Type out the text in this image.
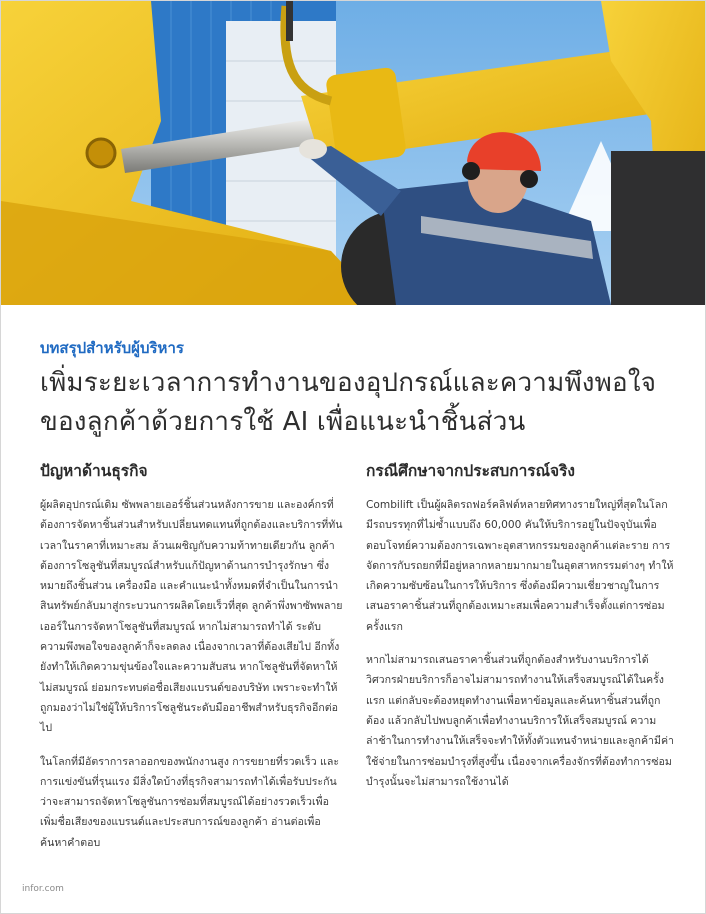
บทสรุปสำหรับผู้บริหาร
เพิ่มระยะเวลาการทำงานของอุปกรณ์และความพึงพอใจของลูกค้าด้วยการใช้ AI เพื่อแนะนำชิ้นส่วน
ปัญหาด้านธุรกิจ

ผู้ผลิตอุปกรณ์เดิม ซัพพลายเออร์ชิ้นส่วนหลังการขาย และองค์กรที่ต้องการจัดหาชิ้นส่วนสำหรับเปลี่ยนทดแทนที่ถูกต้องและบริการที่ทันเวลาในราคาที่เหมาะสม ล้วนเผชิญกับความท้าทายเดียวกัน ลูกค้าต้องการโซลูชันที่สมบูรณ์สำหรับแก้ปัญหาด้านการบำรุงรักษา ซึ่งหมายถึงชิ้นส่วน เครื่องมือ และคำแนะนำทั้งหมดที่จำเป็นในการนำสินทรัพย์กลับมาสู่กระบวนการผลิตโดยเร็วที่สุด ลูกค้าพึ่งพาซัพพลายเออร์ในการจัดหาโซลูชันที่สมบูรณ์ หากไม่สามารถทำได้ ระดับความพึงพอใจของลูกค้าก็จะลดลง เนื่องจากเวลาที่ต้องเสียไป อีกทั้งยังทำให้เกิดความขุ่นข้องใจและความสับสน หากโซลูชันที่จัดหาให้ไม่สมบูรณ์ ย่อมกระทบต่อชื่อเสียงแบรนด์ของบริษัท เพราะจะทำให้ถูกมองว่าไม่ใช่ผู้ให้บริการโซลูชันระดับมืออาชีพสำหรับธุรกิจอีกต่อไป

ในโลกที่มีอัตราการลาออกของพนักงานสูง การขยายที่รวดเร็ว และการแข่งขันที่รุนแรง มีสิ่งใดบ้างที่ธุรกิจสามารถทำได้เพื่อรับประกันว่าจะสามารถจัดหาโซลูชันการซ่อมที่สมบูรณ์ได้อย่างรวดเร็วเพื่อเพิ่มชื่อเสียงของแบรนด์และประสบการณ์ของลูกค้า อ่านต่อเพื่อค้นหาคำตอบ

กรณีศึกษาจากประสบการณ์จริง

Combilift เป็นผู้ผลิตรถฟอร์คลิฟต์หลายทิศทางรายใหญ่ที่สุดในโลก มีรถบรรทุกที่ไม่ซ้ำแบบถึง 60,000 คันให้บริการอยู่ในปัจจุบันเพื่อตอบโจทย์ความต้องการเฉพาะอุตสาหกรรมของลูกค้าแต่ละราย การจัดการกับรถยกที่มีอยู่หลากหลายมากมายในอุตสาหกรรมต่างๆ ทำให้เกิดความซับซ้อนในการให้บริการ ซึ่งต้องมีความเชี่ยวชาญในการเสนอราคาชิ้นส่วนที่ถูกต้องเหมาะสมเพื่อความสำเร็จตั้งแต่การซ่อมครั้งแรก

หากไม่สามารถเสนอราคาชิ้นส่วนที่ถูกต้องสำหรับงานบริการได้ วิศวกรฝ่ายบริการก็อาจไม่สามารถทำงานให้เสร็จสมบูรณ์ได้ในครั้งแรก แต่กลับจะต้องหยุดทำงานเพื่อหาข้อมูลและค้นหาชิ้นส่วนที่ถูกต้อง แล้วกลับไปพบลูกค้าเพื่อทำงานบริการให้เสร็จสมบูรณ์ ความล่าช้าในการทำงานให้เสร็จจะทำให้ทั้งตัวแทนจำหน่ายและลูกค้ามีค่าใช้จ่ายในการซ่อมบำรุงที่สูงขึ้น เนื่องจากเครื่องจักรที่ต้องทำการซ่อมบำรุงนั้นจะไม่สามารถใช้งานได้

infor.com
